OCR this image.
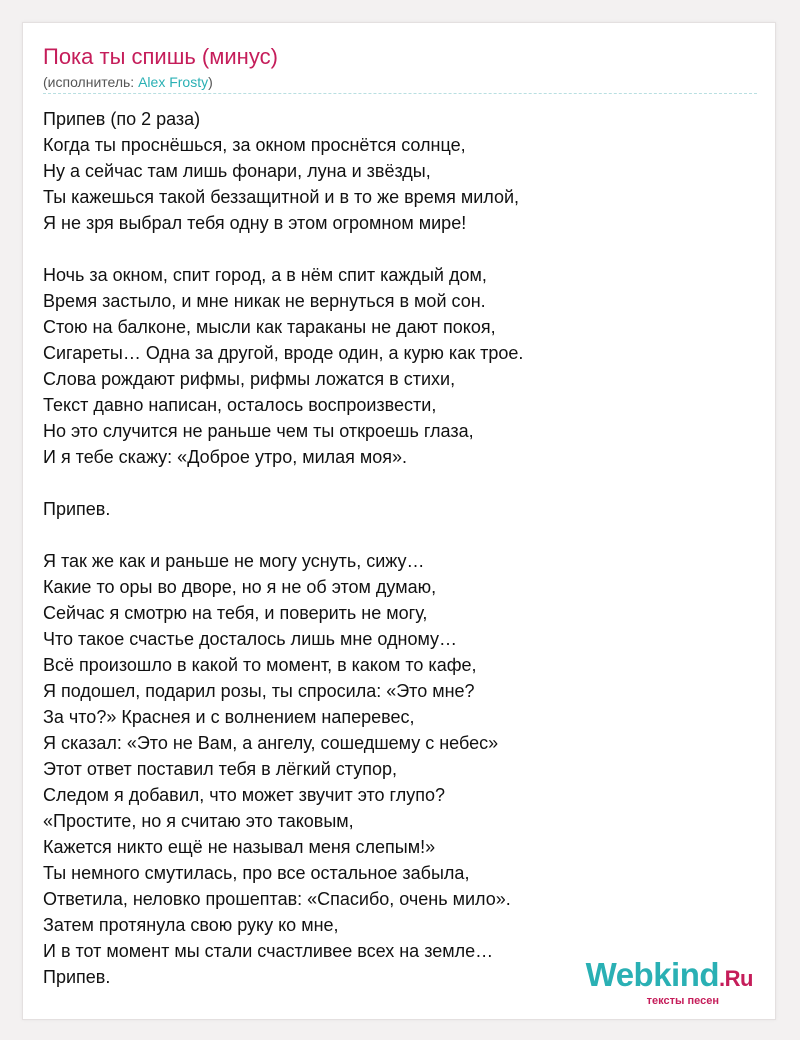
Пока ты спишь (минус)
(исполнитель: Alex Frosty)
Припев (по 2 раза)
Когда ты проснёшься, за окном проснётся солнце,
Ну а сейчас там лишь фонари, луна и звёзды,
Ты кажешься такой беззащитной и в то же время милой,
Я не зря выбрал тебя одну в этом огромном мире!
Ночь за окном, спит город, а в нём спит каждый дом,
Время застыло, и мне никак не вернуться в мой сон.
Стою на балконе, мысли как тараканы не дают покоя,
Сигареты… Одна за другой, вроде один, а курю как трое.
Слова рождают рифмы, рифмы ложатся в стихи,
Текст давно написан, осталось воспроизвести,
Но это случится не раньше чем ты откроешь глаза,
И я тебе скажу: «Доброе утро, милая моя».
Припев.
Я так же как и раньше не могу уснуть, сижу…
Какие то оры во дворе, но я не об этом думаю,
Сейчас я смотрю на тебя, и поверить не могу,
Что такое счастье досталось лишь мне одному…
Всё произошло в какой то момент, в каком то кафе,
Я подошел, подарил розы, ты спросила: «Это мне?
За что?» Краснея и с волнением наперевес,
Я сказал: «Это не Вам, а ангелу, сошедшему с небес»
Этот ответ поставил тебя в лёгкий ступор,
Следом я добавил, что может звучит это глупо?
«Простите, но я считаю это таковым,
Кажется никто ещё не называл меня слепым!»
Ты немного смутилась, про все остальное забыла,
Ответила, неловко прошептав: «Спасибо, очень мило».
Затем протянула свою руку ко мне,
И в тот момент мы стали счастливее всех на земле…
Припев.	Webkind.Ru
тексты песен
